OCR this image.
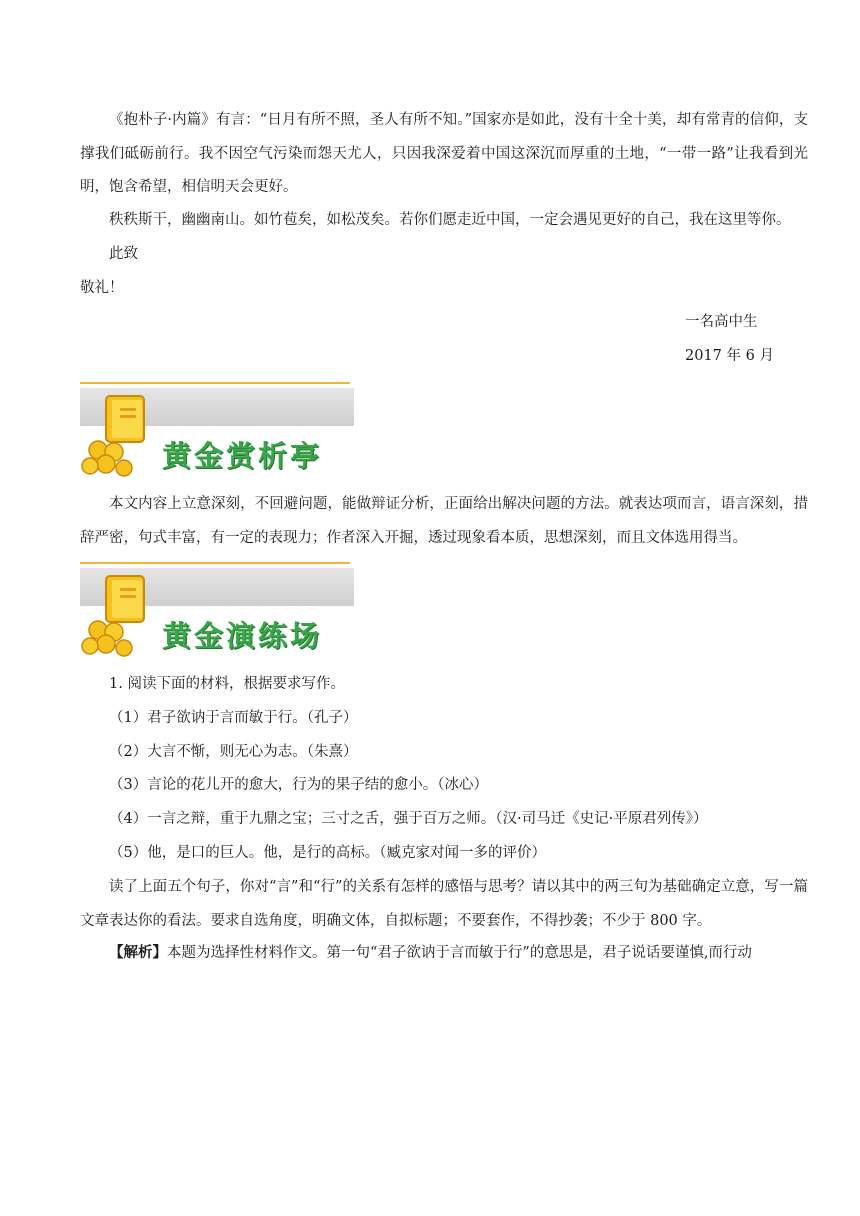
《抱朴子·内篇》有言：“日月有所不照，圣人有所不知。”国家亦是如此，没有十全十美，却有常青的信仰，支撑我们砥砺前行。我不因空气污染而怨天尤人，只因我深爱着中国这深沉而厚重的土地，“一带一路”让我看到光明，饱含希望，相信明天会更好。
秩秩斯干，幽幽南山。如竹苞矣，如松茂矣。若你们愿走近中国，一定会遇见更好的自己，我在这里等你。
此致
敬礼！
一名高中生
2017 年 6 月
黄金赏析亭
本文内容上立意深刻，不回避问题，能做辩证分析，正面给出解决问题的方法。就表达项而言，语言深刻，措辞严密，句式丰富，有一定的表现力；作者深入开掘，透过现象看本质，思想深刻，而且文体选用得当。
黄金演练场
1. 阅读下面的材料，根据要求写作。
（1）君子欲讷于言而敏于行。（孔子）
（2）大言不惭，则无心为志。（朱熹）
（3）言论的花儿开的愈大，行为的果子结的愈小。（冰心）
（4）一言之辩，重于九鼎之宝；三寸之舌，强于百万之师。（汉·司马迁《史记·平原君列传》）
（5）他，是口的巨人。他，是行的高标。（臧克家对闻一多的评价）
读了上面五个句子，你对“言”和“行”的关系有怎样的感悟与思考？请以其中的两三句为基础确定立意，写一篇文章表达你的看法。要求自选角度，明确文体，自拟标题；不要套作，不得抄袭；不少于 800 字。
【解析】本题为选择性材料作文。第一句“君子欲讷于言而敏于行”的意思是，君子说话要谨慎,而行动
